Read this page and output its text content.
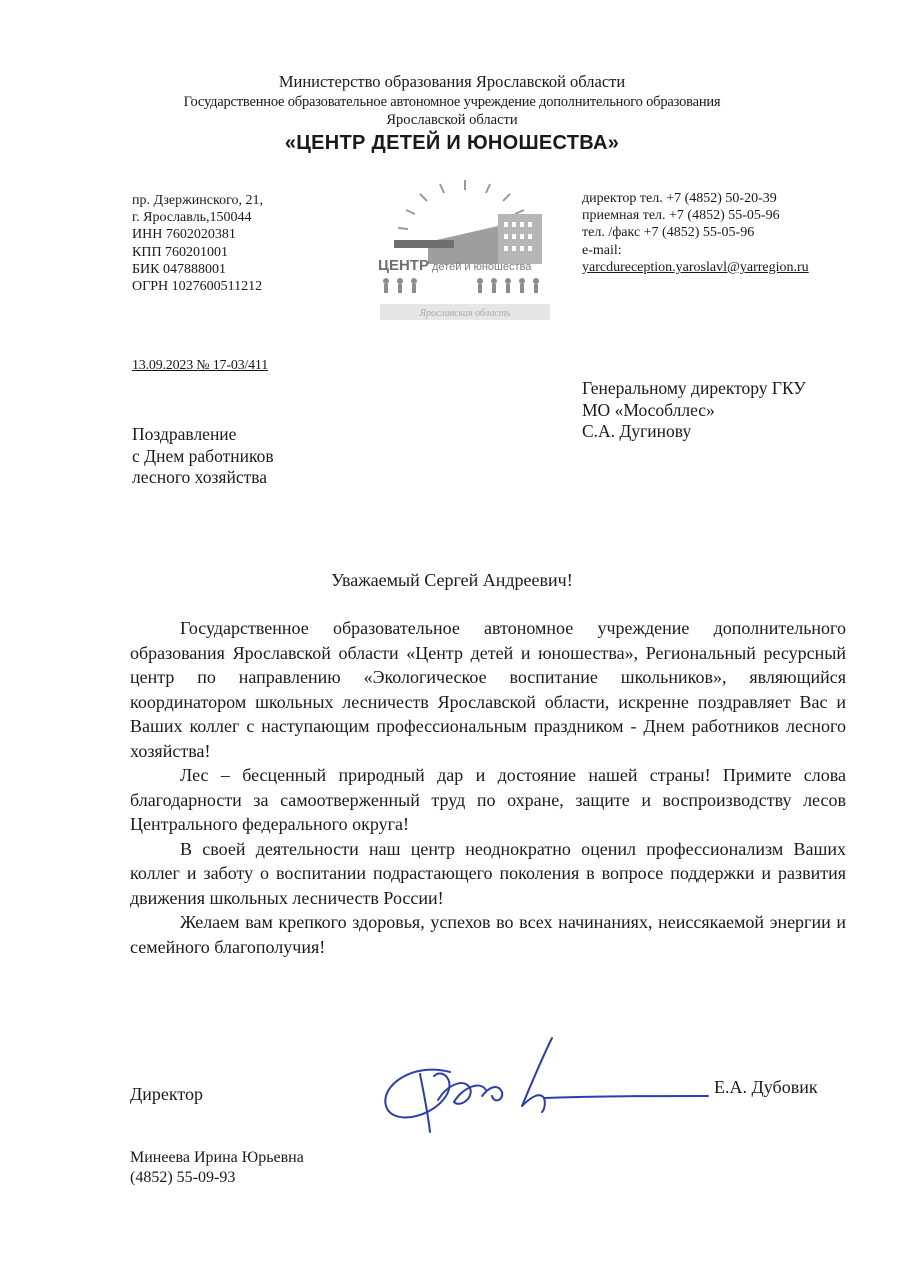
Министерство образования Ярославской области
Государственное образовательное автономное учреждение дополнительного образования
Ярославской области
«ЦЕНТР ДЕТЕЙ И ЮНОШЕСТВА»
пр. Дзержинского, 21,
г. Ярославль,150044
ИНН 7602020381
КПП 760201001
БИК 047888001
ОГРН 1027600511212
ЦЕНТР детей и юношества
Ярославская область
директор тел. +7 (4852) 50-20-39
приемная тел. +7 (4852) 55-05-96
тел. /факс +7 (4852) 55-05-96
e-mail:
yarcdureception.yaroslavl@yarregion.ru
13.09.2023 № 17-03/411
Генеральному директору ГКУ
МО «Мособллес»
С.А. Дугинову
Поздравление
с Днем работников
лесного хозяйства
Уважаемый Сергей Андреевич!

Государственное образовательное автономное учреждение дополнительного образования Ярославской области «Центр детей и юношества», Региональный ресурсный центр по направлению «Экологическое воспитание школьников», являющийся координатором школьных лесничеств Ярославской области, искренне поздравляет Вас и Ваших коллег с наступающим профессиональным праздником - Днем работников лесного хозяйства!

Лес – бесценный природный дар и достояние нашей страны! Примите слова благодарности за самоотверженный труд по охране, защите и воспроизводству лесов Центрального федерального округа!

В своей деятельности наш центр неоднократно оценил профессионализм Ваших коллег и заботу о воспитании подрастающего поколения в вопросе поддержки и развития движения школьных лесничеств России!

Желаем вам крепкого здоровья, успехов во всех начинаниях, неиссякаемой энергии и семейного благополучия!

Директор	Е.А. Дубовик
Минеева Ирина Юрьевна
(4852) 55-09-93
